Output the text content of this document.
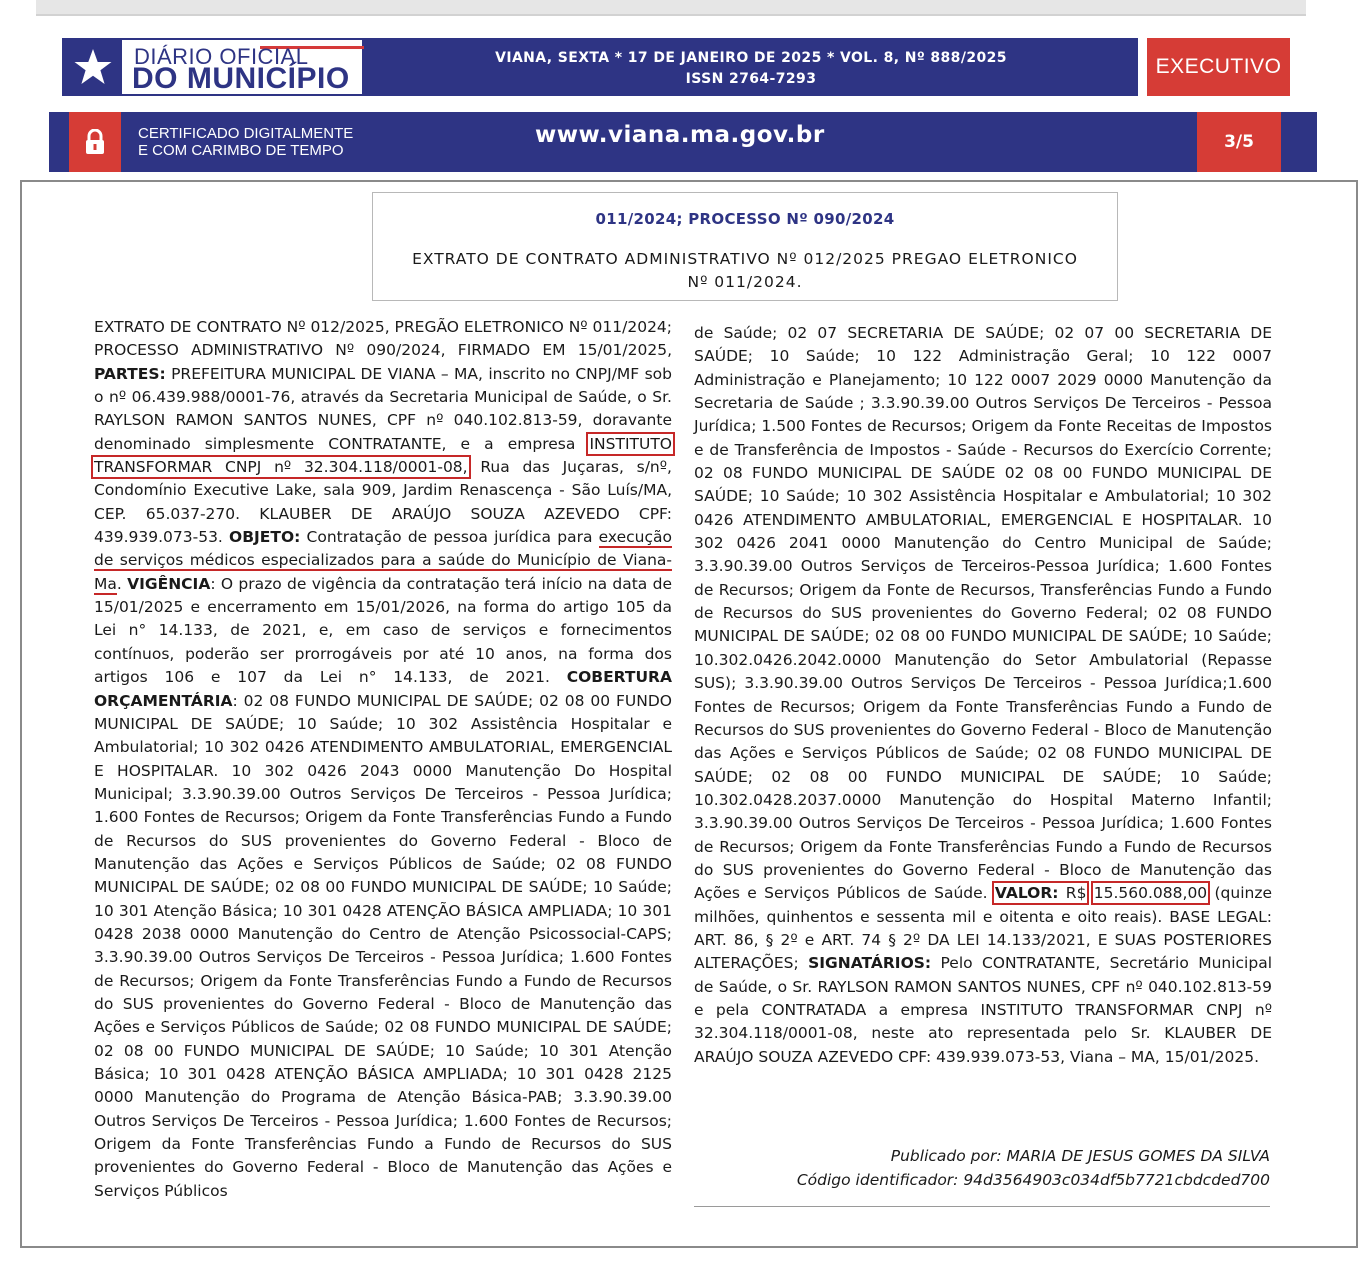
DIÁRIO OFICIAL
DO MUNICÍPIO
VIANA, SEXTA * 17 DE JANEIRO DE 2025 * VOL. 8, Nº 888/2025
ISSN 2764-7293
EXECUTIVO
CERTIFICADO DIGITALMENTE
E COM CARIMBO DE TEMPO
www.viana.ma.gov.br	3/5
011/2024; PROCESSO Nº 090/2024
EXTRATO DE CONTRATO ADMINISTRATIVO Nº 012/2025 PREGAO ELETRONICO Nº 011/2024.
EXTRATO DE CONTRATO Nº 012/2025, PREGÃO ELETRONICO Nº 011/2024; PROCESSO ADMINISTRATIVO Nº 090/2024, FIRMADO EM 15/01/2025, PARTES: PREFEITURA MUNICIPAL DE VIANA – MA, inscrito no CNPJ/MF sob o nº 06.439.988/0001-76, através da Secretaria Municipal de Saúde, o Sr. RAYLSON RAMON SANTOS NUNES, CPF nº 040.102.813-59, doravante denominado simplesmente CONTRATANTE, e a empresa INSTITUTO TRANSFORMAR CNPJ nº 32.304.118/0001-08, Rua das Juçaras, s/nº, Condomínio Executive Lake, sala 909, Jardim Renascença - São Luís/MA, CEP. 65.037-270. KLAUBER DE ARAÚJO SOUZA AZEVEDO CPF: 439.939.073-53. OBJETO: Contratação de pessoa jurídica para execução de serviços médicos especializados para a saúde do Município de Viana-Ma. VIGÊNCIA: O prazo de vigência da contratação terá início na data de 15/01/2025 e encerramento em 15/01/2026, na forma do artigo 105 da Lei n° 14.133, de 2021, e, em caso de serviços e fornecimentos contínuos, poderão ser prorrogáveis por até 10 anos, na forma dos artigos 106 e 107 da Lei n° 14.133, de 2021. COBERTURA ORÇAMENTÁRIA: 02 08 FUNDO MUNICIPAL DE SAÚDE; 02 08 00 FUNDO MUNICIPAL DE SAÚDE; 10 Saúde; 10 302 Assistência Hospitalar e Ambulatorial; 10 302 0426 ATENDIMENTO AMBULATORIAL, EMERGENCIAL E HOSPITALAR. 10 302 0426 2043 0000 Manutenção Do Hospital Municipal; 3.3.90.39.00 Outros Serviços De Terceiros - Pessoa Jurídica; 1.600 Fontes de Recursos; Origem da Fonte Transferências Fundo a Fundo de Recursos do SUS provenientes do Governo Federal - Bloco de Manutenção das Ações e Serviços Públicos de Saúde; 02 08 FUNDO MUNICIPAL DE SAÚDE; 02 08 00 FUNDO MUNICIPAL DE SAÚDE; 10 Saúde; 10 301 Atenção Básica; 10 301 0428 ATENÇÃO BÁSICA AMPLIADA; 10 301 0428 2038 0000 Manutenção do Centro de Atenção Psicossocial-CAPS; 3.3.90.39.00 Outros Serviços De Terceiros - Pessoa Jurídica; 1.600 Fontes de Recursos; Origem da Fonte Transferências Fundo a Fundo de Recursos do SUS provenientes do Governo Federal - Bloco de Manutenção das Ações e Serviços Públicos de Saúde; 02 08 FUNDO MUNICIPAL DE SAÚDE; 02 08 00 FUNDO MUNICIPAL DE SAÚDE; 10 Saúde; 10 301 Atenção Básica; 10 301 0428 ATENÇÃO BÁSICA AMPLIADA; 10 301 0428 2125 0000 Manutenção do Programa de Atenção Básica-PAB; 3.3.90.39.00 Outros Serviços De Terceiros - Pessoa Jurídica; 1.600 Fontes de Recursos; Origem da Fonte Transferências Fundo a Fundo de Recursos do SUS provenientes do Governo Federal - Bloco de Manutenção das Ações e Serviços Públicos
de Saúde; 02 07 SECRETARIA DE SAÚDE; 02 07 00 SECRETARIA DE SAÚDE; 10 Saúde; 10 122 Administração Geral; 10 122 0007 Administração e Planejamento; 10 122 0007 2029 0000 Manutenção da Secretaria de Saúde ; 3.3.90.39.00 Outros Serviços De Terceiros - Pessoa Jurídica; 1.500 Fontes de Recursos; Origem da Fonte Receitas de Impostos e de Transferência de Impostos - Saúde - Recursos do Exercício Corrente; 02 08 FUNDO MUNICIPAL DE SAÚDE 02 08 00 FUNDO MUNICIPAL DE SAÚDE; 10 Saúde; 10 302 Assistência Hospitalar e Ambulatorial; 10 302 0426 ATENDIMENTO AMBULATORIAL, EMERGENCIAL E HOSPITALAR. 10 302 0426 2041 0000 Manutenção do Centro Municipal de Saúde; 3.3.90.39.00 Outros Serviços de Terceiros-Pessoa Jurídica; 1.600 Fontes de Recursos; Origem da Fonte de Recursos, Transferências Fundo a Fundo de Recursos do SUS provenientes do Governo Federal; 02 08 FUNDO MUNICIPAL DE SAÚDE; 02 08 00 FUNDO MUNICIPAL DE SAÚDE; 10 Saúde; 10.302.0426.2042.0000 Manutenção do Setor Ambulatorial (Repasse SUS); 3.3.90.39.00 Outros Serviços De Terceiros - Pessoa Jurídica;1.600 Fontes de Recursos; Origem da Fonte Transferências Fundo a Fundo de Recursos do SUS provenientes do Governo Federal - Bloco de Manutenção das Ações e Serviços Públicos de Saúde; 02 08 FUNDO MUNICIPAL DE SAÚDE; 02 08 00 FUNDO MUNICIPAL DE SAÚDE; 10 Saúde; 10.302.0428.2037.0000 Manutenção do Hospital Materno Infantil; 3.3.90.39.00 Outros Serviços De Terceiros - Pessoa Jurídica; 1.600 Fontes de Recursos; Origem da Fonte Transferências Fundo a Fundo de Recursos do SUS provenientes do Governo Federal - Bloco de Manutenção das Ações e Serviços Públicos de Saúde. VALOR: R$ 15.560.088,00 (quinze milhões, quinhentos e sessenta mil e oitenta e oito reais). BASE LEGAL: ART. 86, § 2º e ART. 74 § 2º DA LEI 14.133/2021, E SUAS POSTERIORES ALTERAÇÕES; SIGNATÁRIOS: Pelo CONTRATANTE, Secretário Municipal de Saúde, o Sr. RAYLSON RAMON SANTOS NUNES, CPF nº 040.102.813-59 e pela CONTRATADA a empresa INSTITUTO TRANSFORMAR CNPJ nº 32.304.118/0001-08, neste ato representada pelo Sr. KLAUBER DE ARAÚJO SOUZA AZEVEDO CPF: 439.939.073-53, Viana – MA, 15/01/2025.
Publicado por: MARIA DE JESUS GOMES DA SILVA
Código identificador: 94d3564903c034df5b7721cbdcded700
